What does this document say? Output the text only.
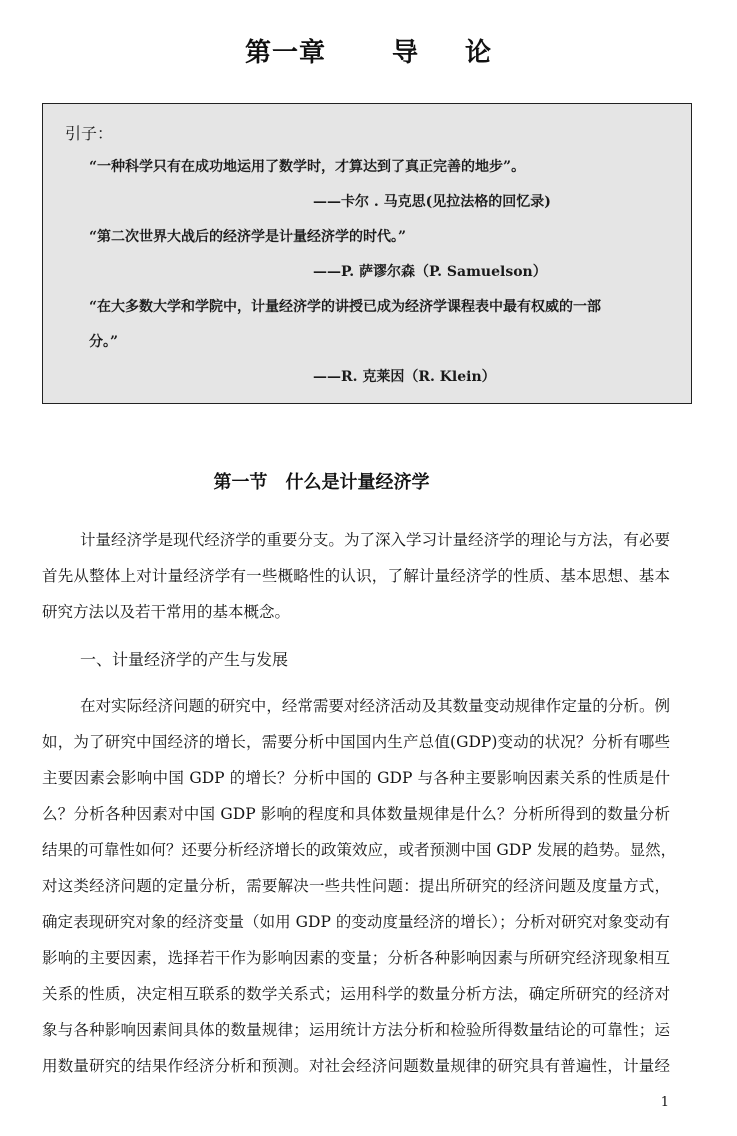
第一章	导 论
引子：
“一种科学只有在成功地运用了数学时，才算达到了真正完善的地步”。
——卡尔 . 马克思(见拉法格的回忆录)
“第二次世界大战后的经济学是计量经济学的时代。”
——P. 萨谬尔森（P. Samuelson）
“在大多数大学和学院中，计量经济学的讲授已成为经济学课程表中最有权威的一部
分。”
——R. 克莱因（R. Klein）
第一节　什么是计量经济学
计量经济学是现代经济学的重要分支。为了深入学习计量经济学的理论与方法，有必要
首先从整体上对计量经济学有一些概略性的认识，了解计量经济学的性质、基本思想、基本
研究方法以及若干常用的基本概念。
一、计量经济学的产生与发展
在对实际经济问题的研究中，经常需要对经济活动及其数量变动规律作定量的分析。例
如，为了研究中国经济的增长，需要分析中国国内生产总值(GDP)变动的状况？分析有哪些
主要因素会影响中国 GDP 的增长？分析中国的 GDP 与各种主要影响因素关系的性质是什
么？分析各种因素对中国 GDP 影响的程度和具体数量规律是什么？分析所得到的数量分析
结果的可靠性如何？还要分析经济增长的政策效应，或者预测中国 GDP 发展的趋势。显然，
对这类经济问题的定量分析，需要解决一些共性问题：提出所研究的经济问题及度量方式，
确定表现研究对象的经济变量（如用 GDP 的变动度量经济的增长）；分析对研究对象变动有
影响的主要因素，选择若干作为影响因素的变量；分析各种影响因素与所研究经济现象相互
关系的性质，决定相互联系的数学关系式；运用科学的数量分析方法，确定所研究的经济对
象与各种影响因素间具体的数量规律；运用统计方法分析和检验所得数量结论的可靠性；运
用数量研究的结果作经济分析和预测。对社会经济问题数量规律的研究具有普遍性，计量经
1
